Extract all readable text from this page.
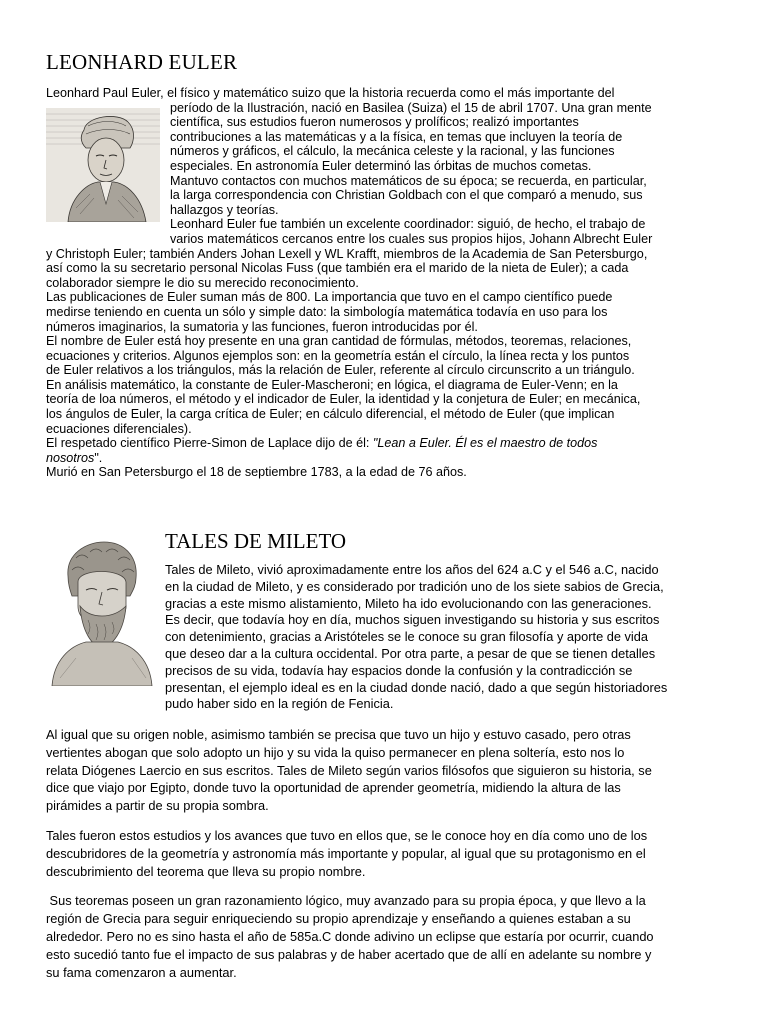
LEONHARD EULER

Leonhard Paul Euler, el físico y matemático suizo que la historia recuerda como el más importante del

período de la Ilustración, nació en Basilea (Suiza) el 15 de abril 1707. Una gran mente

científica, sus estudios fueron numerosos y prolíficos; realizó importantes

contribuciones a las matemáticas y a la física, en temas que incluyen la teoría de

números y gráficos, el cálculo, la mecánica celeste y la racional, y las funciones

especiales. En astronomía Euler determinó las órbitas de muchos cometas.

Mantuvo contactos con muchos matemáticos de su época; se recuerda, en particular,

la larga correspondencia con Christian Goldbach con el que comparó a menudo, sus

hallazgos y teorías.

Leonhard Euler fue también un excelente coordinador: siguió, de hecho, el trabajo de

varios matemáticos cercanos entre los cuales sus propios hijos, Johann Albrecht Euler

y Christoph Euler; también Anders Johan Lexell y WL Krafft, miembros de la Academia de San Petersburgo,

así como la su secretario personal Nicolas Fuss (que también era el marido de la nieta de Euler); a cada

colaborador siempre le dio su merecido reconocimiento.

Las publicaciones de Euler suman más de 800. La importancia que tuvo en el campo científico puede

medirse teniendo en cuenta un sólo y simple dato: la simbología matemática todavía en uso para los

números imaginarios, la sumatoria y las funciones, fueron introducidas por él.

El nombre de Euler está hoy presente en una gran cantidad de fórmulas, métodos, teoremas, relaciones,

ecuaciones y criterios. Algunos ejemplos son: en la geometría están el círculo, la línea recta y los puntos

de Euler relativos a los triángulos, más la relación de Euler, referente al círculo circunscrito a un triángulo.

En análisis matemático, la constante de Euler-Mascheroni; en lógica, el diagrama de Euler-Venn; en la

teoría de loa números, el método y el indicador de Euler, la identidad y la conjetura de Euler; en mecánica,

los ángulos de Euler, la carga crítica de Euler; en cálculo diferencial, el método de Euler (que implican

ecuaciones diferenciales).

El respetado científico Pierre-Simon de Laplace dijo de él: "Lean a Euler. Él es el maestro de todos

nosotros".

Murió en San Petersburgo el 18 de septiembre 1783, a la edad de 76 años.

TALES DE MILETO
Tales de Mileto, vivió aproximadamente entre los años del 624 a.C y el 546 a.C, nacido
en la ciudad de Mileto, y es considerado por tradición uno de los siete sabios de Grecia,
gracias a este mismo alistamiento, Mileto ha ido evolucionando con las generaciones.
Es decir, que todavía hoy en día, muchos siguen investigando su historia y sus escritos
con detenimiento, gracias a Aristóteles se le conoce su gran filosofía y aporte de vida
que deseo dar a la cultura occidental. Por otra parte, a pesar de que se tienen detalles
precisos de su vida, todavía hay espacios donde la confusión y la contradicción se
presentan, el ejemplo ideal es en la ciudad donde nació, dado a que según historiadores
pudo haber sido en la región de Fenicia.

Al igual que su origen noble, asimismo también se precisa que tuvo un hijo y estuvo casado, pero otras
vertientes abogan que solo adopto un hijo y su vida la quiso permanecer en plena soltería, esto nos lo
relata Diógenes Laercio en sus escritos. Tales de Mileto según varios filósofos que siguieron su historia, se
dice que viajo por Egipto, donde tuvo la oportunidad de aprender geometría, midiendo la altura de las
pirámides a partir de su propia sombra.

Tales fueron estos estudios y los avances que tuvo en ellos que, se le conoce hoy en día como uno de los
descubridores de la geometría y astronomía más importante y popular, al igual que su protagonismo en el
descubrimiento del teorema que lleva su propio nombre.

Sus teoremas poseen un gran razonamiento lógico, muy avanzado para su propia época, y que llevo a la
región de Grecia para seguir enriqueciendo su propio aprendizaje y enseñando a quienes estaban a su
alrededor. Pero no es sino hasta el año de 585a.C donde adivino un eclipse que estaría por ocurrir, cuando
esto sucedió tanto fue el impacto de sus palabras y de haber acertado que de allí en adelante su nombre y
su fama comenzaron a aumentar.
